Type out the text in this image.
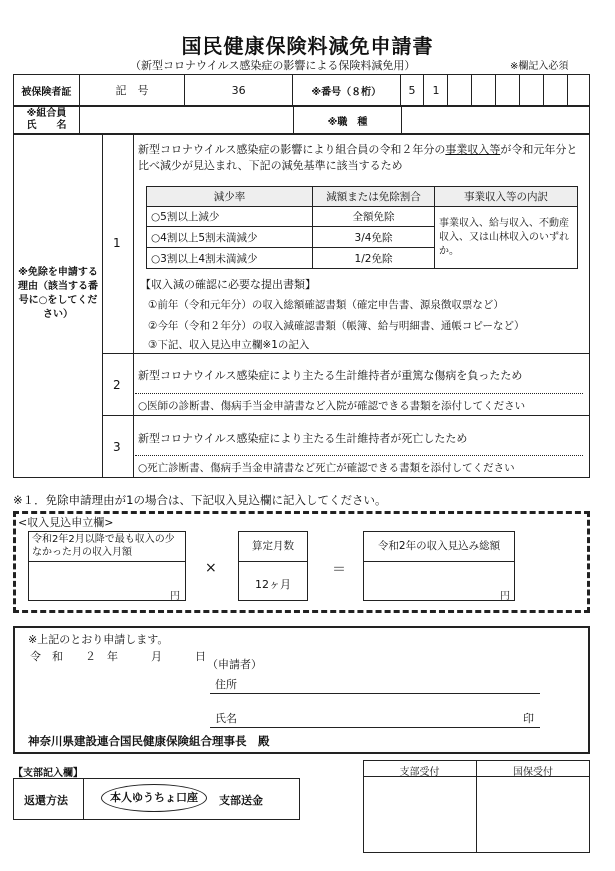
国民健康保険料減免申請書
（新型コロナウイルス感染症の影響による保険料減免用）	※欄記入必須
被保険者証	記　号	36	※番号（８桁）	5	1						
※組合員
氏　　名		※職　種	
※免除を申請する理由（該当する番号に○をしてください）
1
新型コロナウイルス感染症の影響により組合員の令和２年分の事業収入等が令和元年分と比べ減少が見込まれ、下記の減免基準に該当するため
減少率	減額または免除割合	事業収入等の内訳
○5割以上減少	全額免除	事業収入、給与収入、不動産収入、又は山林収入のいずれか。
○4割以上5割未満減少	3/4免除	
○3割以上4割未満減少	1/2免除	
【収入減の確認に必要な提出書類】
①前年（令和元年分）の収入総額確認書類（確定申告書、源泉徴収票など）
②今年（令和２年分）の収入減確認書類（帳簿、給与明細書、通帳コピーなど）
③下記、収入見込申立欄※1の記入
2
新型コロナウイルス感染症により主たる生計維持者が重篤な傷病を負ったため
○医師の診断書、傷病手当金申請書など入院が確認できる書類を添付してください
3
新型コロナウイルス感染症により主たる生計維持者が死亡したため
○死亡診断書、傷病手当金申請書など死亡が確認できる書類を添付してください
※１．免除申請理由が1の場合は、下記収入見込欄に記入してください。
<収入見込申立欄>
令和2年2月以降で最も収入の少なかった月の収入月額
円
×
算定月数
12ヶ月
＝
令和2年の収入見込み総額
円
※上記のとおり申請します。
令　和　　２　年　　　月　　　日
（申請者）
住所
氏名	印
神奈川県建設連合国民健康保険組合理事長　殿
【支部記入欄】
返還方法	本人ゆうちょ口座	支部送金
支部受付	国保受付
